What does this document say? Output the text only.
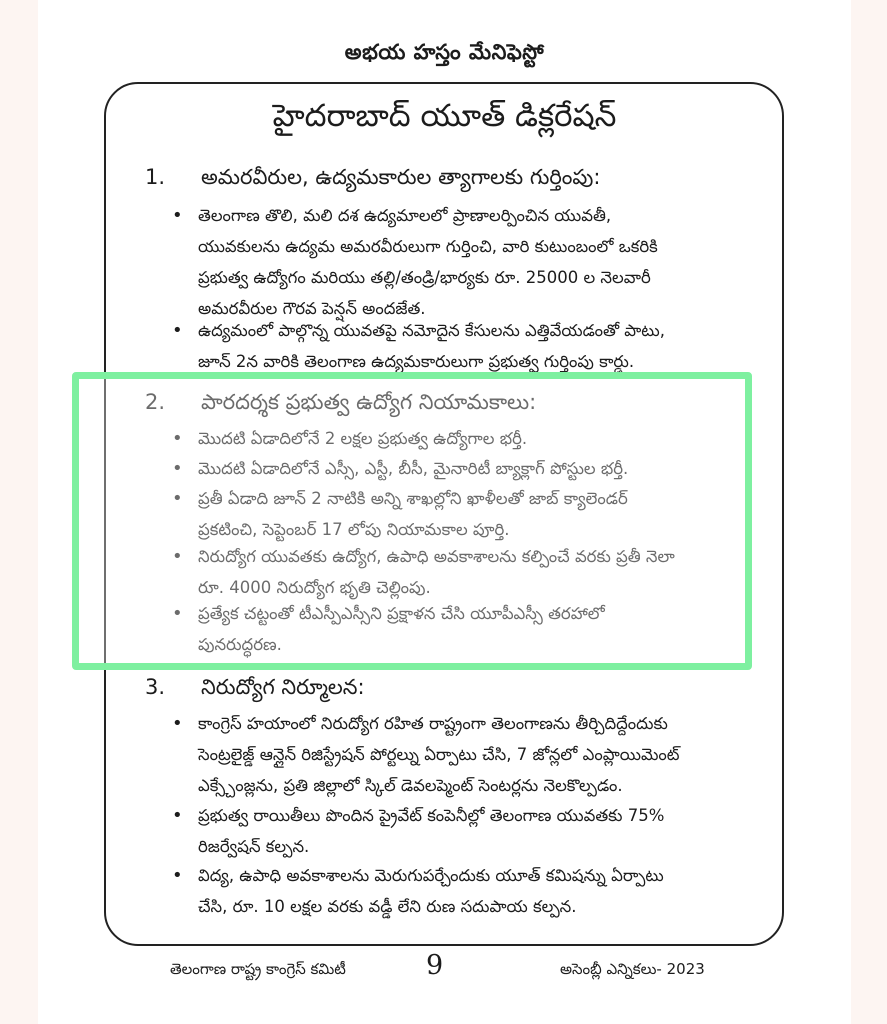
అభయ హస్తం మేనిఫెస్టో
హైదరాబాద్ యూత్ డిక్లరేషన్
1. అమరవీరుల, ఉద్యమకారుల త్యాగాలకు గుర్తింపు:
• తెలంగాణ తొలి, మలి దశ ఉద్యమాలలో ప్రాణాలర్పించిన యువతీ,
యువకులను ఉద్యమ అమరవీరులుగా గుర్తించి, వారి కుటుంబంలో ఒకరికి
ప్రభుత్వ ఉద్యోగం మరియు తల్లి/తండ్రి/భార్యకు రూ. 25000 ల నెలవారీ
అమరవీరుల గౌరవ పెన్షన్ అందజేత.
• ఉద్యమంలో పాల్గొన్న యువతపై నమోదైన కేసులను ఎత్తివేయడంతో పాటు,
జూన్ 2న వారికి తెలంగాణ ఉద్యమకారులుగా ప్రభుత్వ గుర్తింపు కార్డు.
2. పారదర్శక ప్రభుత్వ ఉద్యోగ నియామకాలు:
• మొదటి ఏడాదిలోనే 2 లక్షల ప్రభుత్వ ఉద్యోగాల భర్తీ.
• మొదటి ఏడాదిలోనే ఎస్సీ, ఎస్టీ, బీసీ, మైనారిటీ బ్యాక్లాగ్ పోస్టుల భర్తీ.
• ప్రతీ ఏడాది జూన్ 2 నాటికి అన్ని శాఖల్లోని ఖాళీలతో జాబ్ క్యాలెండర్
ప్రకటించి, సెప్టెంబర్ 17 లోపు నియామకాల పూర్తి.
• నిరుద్యోగ యువతకు ఉద్యోగ, ఉపాధి అవకాశాలను కల్పించే వరకు ప్రతీ నెలా
రూ. 4000 నిరుద్యోగ భృతి చెల్లింపు.
• ప్రత్యేక చట్టంతో టీఎస్పీఎస్సీని ప్రక్షాళన చేసి యూపీఎస్సీ తరహాలో
పునరుద్ధరణ.
3. నిరుద్యోగ నిర్మూలన:
• కాంగ్రెస్ హయాంలో నిరుద్యోగ రహిత రాష్ట్రంగా తెలంగాణను తీర్చిదిద్దేందుకు
సెంట్రలైజ్డ్ ఆన్లైన్ రిజిస్ట్రేషన్ పోర్టల్ను ఏర్పాటు చేసి, 7 జోన్లలో ఎంప్లాయిమెంట్
ఎక్స్చేంజ్లను, ప్రతి జిల్లాలో స్కిల్ డెవలప్మెంట్ సెంటర్లను నెలకొల్పడం.
• ప్రభుత్వ రాయితీలు పొందిన ప్రైవేట్ కంపెనీల్లో తెలంగాణ యువతకు 75%
రిజర్వేషన్ కల్పన.
• విద్య, ఉపాధి అవకాశాలను మెరుగుపర్చేందుకు యూత్ కమిషన్ను ఏర్పాటు
చేసి, రూ. 10 లక్షల వరకు వడ్డీ లేని రుణ సదుపాయ కల్పన.
తెలంగాణ రాష్ట్ర కాంగ్రెస్ కమిటీ	9	అసెంబ్లీ ఎన్నికలు- 2023
